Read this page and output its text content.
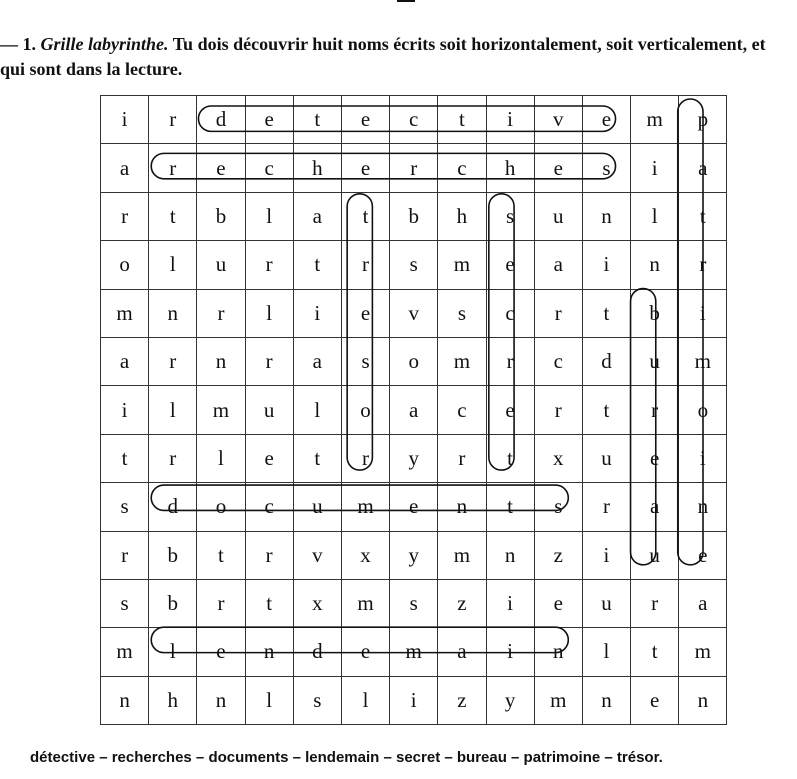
— 1. Grille labyrinthe. Tu dois découvrir huit noms écrits soit horizontalement, soit verticalement, et qui sont dans la lecture.
i	r	d	e	t	e	c	t	i	v	e	m	p
a	r	e	c	h	e	r	c	h	e	s	i	a
r	t	b	l	a	t	b	h	s	u	n	l	t
o	l	u	r	t	r	s	m	e	a	i	n	r
m	n	r	l	i	e	v	s	c	r	t	b	i
a	r	n	r	a	s	o	m	r	c	d	u	m
i	l	m	u	l	o	a	c	e	r	t	r	o
t	r	l	e	t	r	y	r	t	x	u	e	i
s	d	o	c	u	m	e	n	t	s	r	a	n
r	b	t	r	v	x	y	m	n	z	i	u	e
s	b	r	t	x	m	s	z	i	e	u	r	a
m	l	e	n	d	e	m	a	i	n	l	t	m
n	h	n	l	s	l	i	z	y	m	n	e	n
détective – recherches – documents – lendemain – secret – bureau – patrimoine – trésor.
